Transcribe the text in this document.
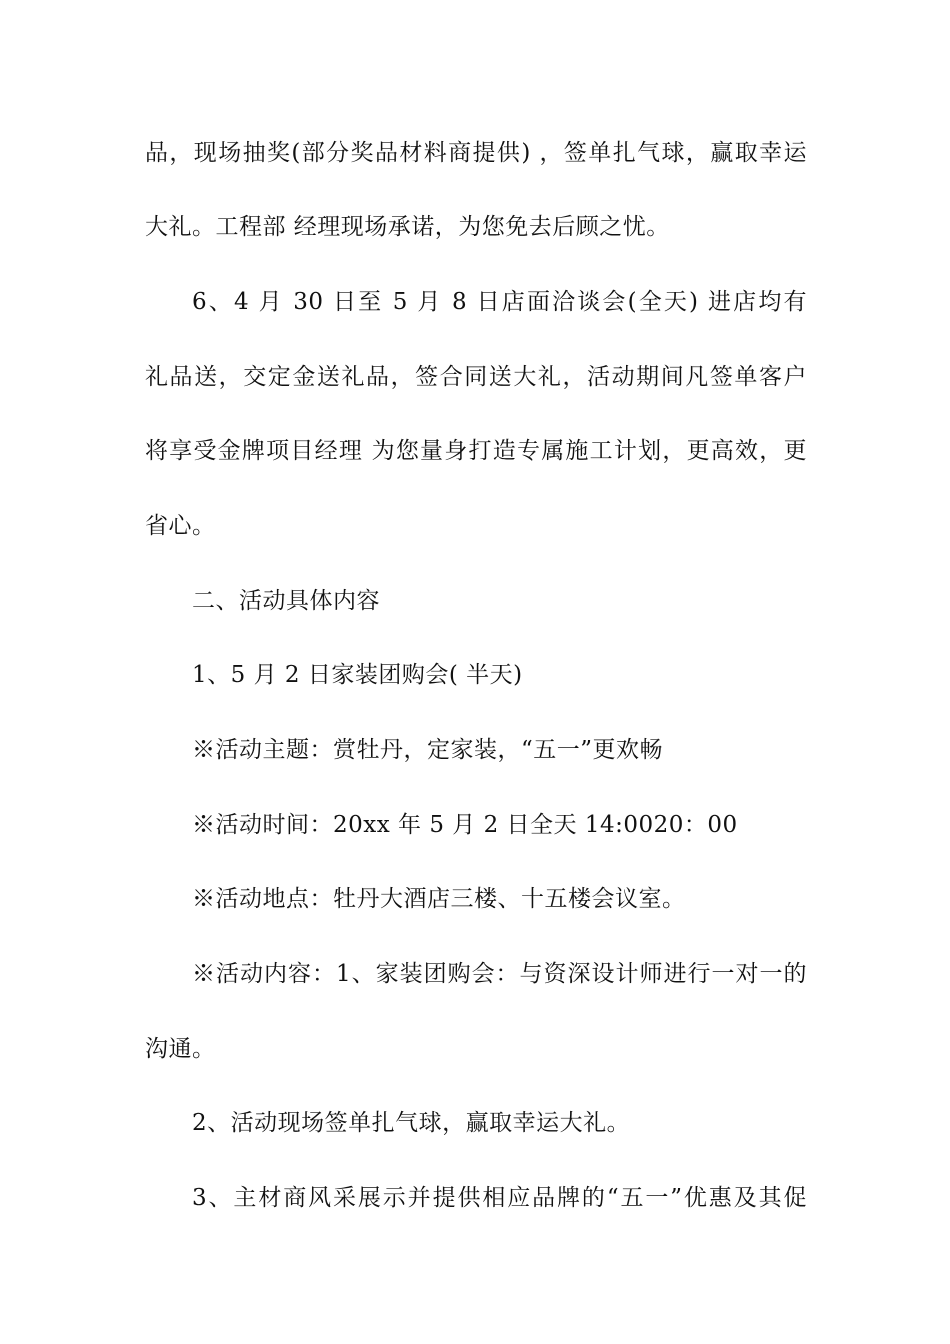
品，现场抽奖(部分奖品材料商提供) ，签单扎气球，赢取幸运
大礼。工程部 经理现场承诺，为您免去后顾之忧。
6、4 月 30 日至 5 月 8 日店面洽谈会(全天) 进店均有
礼品送，交定金送礼品，签合同送大礼，活动期间凡签单客户
将享受金牌项目经理 为您量身打造专属施工计划，更高效，更
省心。
二、活动具体内容
1、5 月 2 日家装团购会( 半天)
※活动主题：赏牡丹，定家装，“五一”更欢畅
※活动时间：20xx 年 5 月 2 日全天 14:0020：00
※活动地点：牡丹大酒店三楼、十五楼会议室。
※活动内容：1、家装团购会：与资深设计师进行一对一的
沟通。
2、活动现场签单扎气球，赢取幸运大礼。
3、主材商风采展示并提供相应品牌的“五一”优惠及其促
